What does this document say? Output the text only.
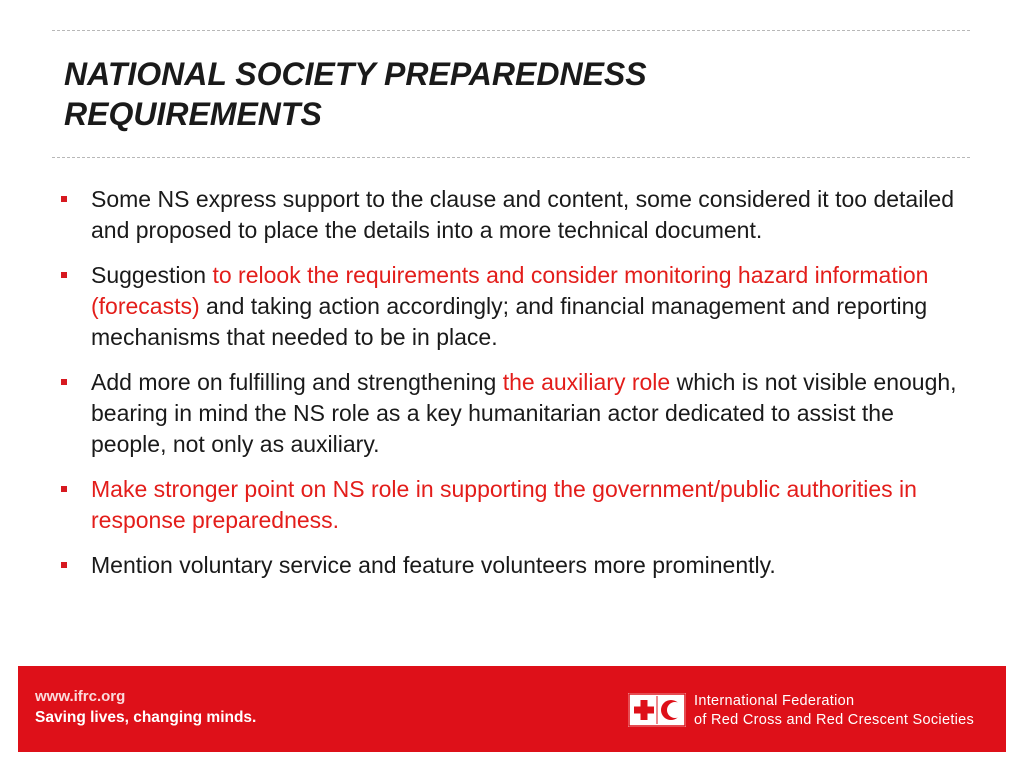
NATIONAL SOCIETY PREPAREDNESS
REQUIREMENTS
Some NS express support to the clause and content, some considered it too detailed and proposed to place the details into a more technical document.
Suggestion to relook the requirements and consider monitoring hazard information (forecasts) and taking action accordingly; and financial management and reporting mechanisms that needed to be in place.
Add more on fulfilling and strengthening the auxiliary role which is not visible enough, bearing in mind the NS role as a key humanitarian actor dedicated to assist the people, not only as auxiliary.
Make stronger point on NS role in supporting the government/public authorities in response preparedness.
Mention voluntary service and feature volunteers more prominently.
www.ifrc.org
Saving lives, changing minds.
International Federation
of Red Cross and Red Crescent Societies
